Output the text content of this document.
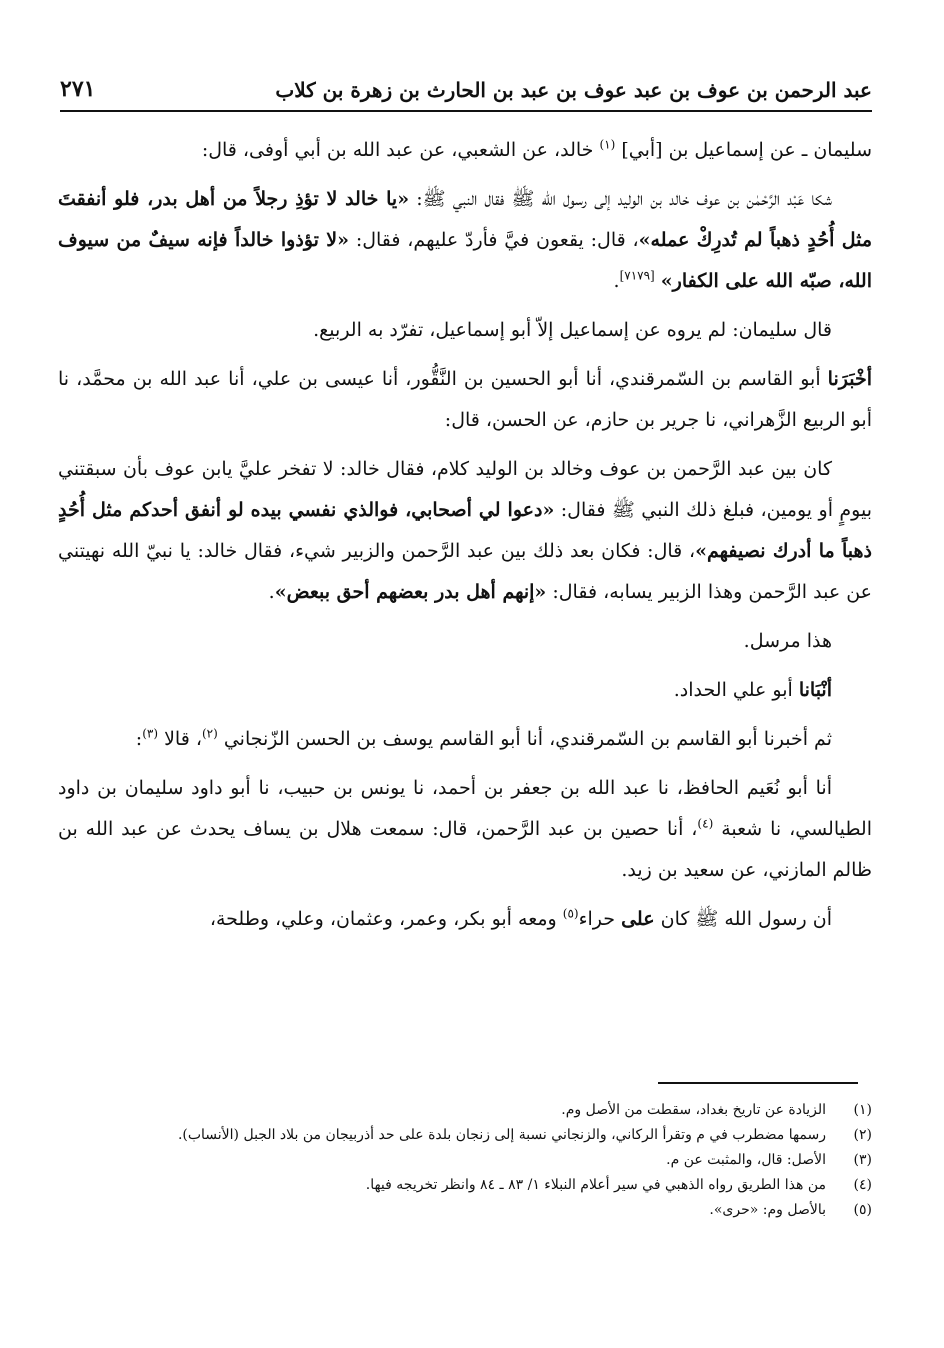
عبد الرحمن بن عوف بن عبد عوف بن عبد بن الحارث بن زهرة بن كلاب
٢٧١

سليمان ـ عن إسماعيل بن [أبي] $^{(١)}$ خالد، عن الشعبي، عن عبد الله بن أبي أوفى، قال:

شكا عَبْد الرَّحْمٰن بن عوف خالد بن الوليد إلى رسول الله ﷺ فقال النبي ﷺ: «يا خالد لا تؤذِ رجلاً من أهل بدر، فلو أنفقتَ مثل أُحُدٍ ذهباً لم تُدرِكْ عمله»، قال: يقعون فيَّ فأردّ عليهم، فقال: «لا تؤذوا خالداً فإنه سيفٌ من سيوف الله، صبّه الله على الكفار» [٧١٧٩].

قال سليمان: لم يروه عن إسماعيل إلاّ أبو إسماعيل، تفرّد به الربيع.

أخْبَرَنا أبو القاسم بن السّمرقندي، أنا أبو الحسين بن النَّقُّور، أنا عيسى بن علي، أنا عبد الله بن محمَّد، نا أبو الربيع الزَّهراني، نا جرير بن حازم، عن الحسن، قال:

كان بين عبد الرَّحمن بن عوف وخالد بن الوليد كلام، فقال خالد: لا تفخر عليَّ يابن عوف بأن سبقتني بيومٍ أو يومين، فبلغ ذلك النبي ﷺ فقال: «دعوا لي أصحابي، فوالذي نفسي بيده لو أنفق أحدكم مثل أُحُدٍ ذهباً ما أدرك نصيفهم»، قال: فكان بعد ذلك بين عبد الرَّحمن والزبير شيء، فقال خالد: يا نبيّ الله نهيتني عن عبد الرَّحمن وهذا الزبير يسابه، فقال: «إنهم أهل بدر بعضهم أحق ببعض».

هذا مرسل.

أنْبَانا أبو علي الحداد.

ثم أخبرنا أبو القاسم بن السّمرقندي، أنا أبو القاسم يوسف بن الحسن الزّنجاني $^{(٢)}$، قالا $^{(٣)}$:

أنا أبو نُعَيم الحافظ، نا عبد الله بن جعفر بن أحمد، نا يونس بن حبيب، نا أبو داود سليمان بن داود الطيالسي، نا شعبة $^{(٤)}$، أنا حصين بن عبد الرَّحمن، قال: سمعت هلال بن يساف يحدث عن عبد الله بن ظالم المازني، عن سعيد بن زيد.

أن رسول الله ﷺ كان على حراء$^{(٥)}$ ومعه أبو بكر، وعمر، وعثمان، وعلي، وطلحة،

(١)
الزيادة عن تاريخ بغداد، سقطت من الأصل وم.
(٢)
رسمها مضطرب في م وتقرأ الركاني، والزنجاني نسبة إلى زنجان بلدة على حد أذربيجان من بلاد الجبل (الأنساب).
(٣)
الأصل: قال، والمثبت عن م.
(٤)
من هذا الطريق رواه الذهبي في سير أعلام النبلاء ١/ ٨٣ ـ ٨٤ وانظر تخريجه فيها.
(٥)
بالأصل وم: «حرى».
